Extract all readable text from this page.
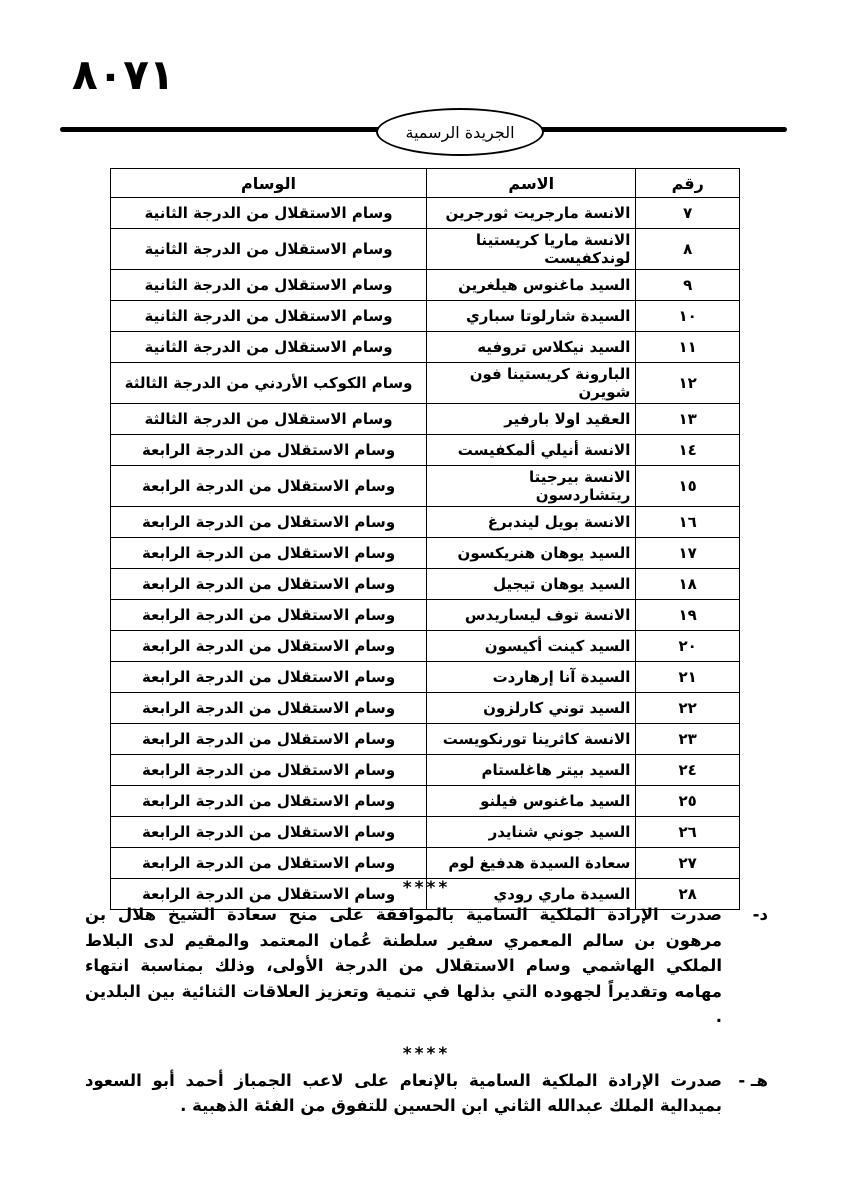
٨٠٧١
الجريدة الرسمية
رقم	الاسم	الوسام
٧	الانسة مارجريت ثورجرين	وسام الاستقلال من الدرجة الثانية
٨	الانسة ماريا كريستينا لوندكفيست	وسام الاستقلال من الدرجة الثانية
٩	السيد ماغنوس هيلغرين	وسام الاستقلال من الدرجة الثانية
١٠	السيدة شارلوتا سباري	وسام الاستقلال من الدرجة الثانية
١١	السيد نيكلاس تروفيه	وسام الاستقلال من الدرجة الثانية
١٢	البارونة كريستينا فون شويرن	وسام الكوكب الأردني من الدرجة الثالثة
١٣	العقيد اولا بارفير	وسام الاستقلال من الدرجة الثالثة
١٤	الانسة أنيلي ألمكفيست	وسام الاستقلال من الدرجة الرابعة
١٥	الانسة بيرجيتا ريتشاردسون	وسام الاستقلال من الدرجة الرابعة
١٦	الانسة بويل ليندبرغ	وسام الاستقلال من الدرجة الرابعة
١٧	السيد يوهان هنريكسون	وسام الاستقلال من الدرجة الرابعة
١٨	السيد يوهان تيجيل	وسام الاستقلال من الدرجة الرابعة
١٩	الانسة توف ليساريدس	وسام الاستقلال من الدرجة الرابعة
٢٠	السيد كينت أكيسون	وسام الاستقلال من الدرجة الرابعة
٢١	السيدة آنا إرهاردت	وسام الاستقلال من الدرجة الرابعة
٢٢	السيد توني كارلزون	وسام الاستقلال من الدرجة الرابعة
٢٣	الانسة كاثرينا تورنكويست	وسام الاستقلال من الدرجة الرابعة
٢٤	السيد بيتر هاغلستام	وسام الاستقلال من الدرجة الرابعة
٢٥	السيد ماغنوس فيلنو	وسام الاستقلال من الدرجة الرابعة
٢٦	السيد جوني شنايدر	وسام الاستقلال من الدرجة الرابعة
٢٧	سعادة السيدة هدفيغ لوم	وسام الاستقلال من الدرجة الرابعة
٢٨	السيدة ماري رودي	وسام الاستقلال من الدرجة الرابعة ****
د-
صدرت الإرادة الملكية السامية بالموافقة على منح سعادة الشيخ هلال بن مرهون بن سالم المعمري سفير سلطنة عُمان المعتمد والمقيم لدى البلاط الملكي الهاشمي وسام الاستقلال من الدرجة الأولى، وذلك بمناسبة انتهاء مهامه وتقديراً لجهوده التي بذلها في تنمية وتعزيز العلاقات الثنائية بين البلدين .
****
هـ -
صدرت الإرادة الملكية السامية بالإنعام على لاعب الجمباز أحمد أبو السعود بميدالية الملك عبدالله الثاني ابن الحسين للتفوق من الفئة الذهبية .
